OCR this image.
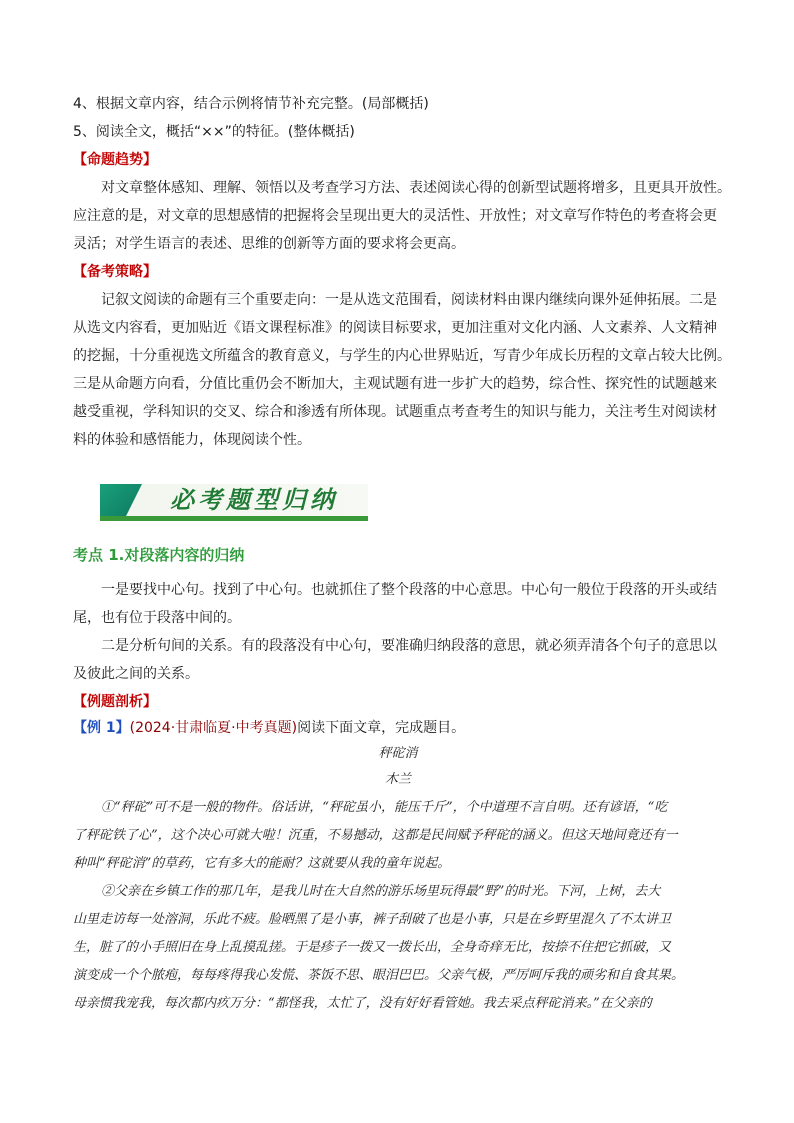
4、根据文章内容，结合示例将情节补充完整。(局部概括)
5、阅读全文，概括“××”的特征。(整体概括)
【命题趋势】
对文章整体感知、理解、领悟以及考查学习方法、表述阅读心得的创新型试题将增多，且更具开放性。
应注意的是，对文章的思想感情的把握将会呈现出更大的灵活性、开放性；对文章写作特色的考查将会更
灵活；对学生语言的表述、思维的创新等方面的要求将会更高。
【备考策略】
记叙文阅读的命题有三个重要走向：一是从选文范围看，阅读材料由课内继续向课外延伸拓展。二是
从选文内容看，更加贴近《语文课程标准》的阅读目标要求，更加注重对文化内涵、人文素养、人文精神
的挖掘，十分重视选文所蕴含的教育意义，与学生的内心世界贴近，写青少年成长历程的文章占较大比例。
三是从命题方向看，分值比重仍会不断加大，主观试题有进一步扩大的趋势，综合性、探究性的试题越来
越受重视，学科知识的交叉、综合和渗透有所体现。试题重点考查考生的知识与能力，关注考生对阅读材
料的体验和感悟能力，体现阅读个性。
必考题型归纳
考点 1.对段落内容的归纳
一是要找中心句。找到了中心句。也就抓住了整个段落的中心意思。中心句一般位于段落的开头或结
尾，也有位于段落中间的。
二是分析句间的关系。有的段落没有中心句，要准确归纳段落的意思，就必须弄清各个句子的意思以
及彼此之间的关系。
【例题剖析】
【例 1】(2024·甘肃临夏·中考真题)阅读下面文章，完成题目。
秤砣消
木兰
①“秤砣”可不是一般的物件。俗话讲，“秤砣虽小，能压千斤”，个中道理不言自明。还有谚语，“吃
了秤砣铁了心”，这个决心可就大啦！沉重，不易撼动，这都是民间赋予秤砣的涵义。但这天地间竟还有一
种叫“秤砣消”的草药，它有多大的能耐？这就要从我的童年说起。
②父亲在乡镇工作的那几年，是我儿时在大自然的游乐场里玩得最“野”的时光。下河，上树，去大
山里走访每一处溶洞，乐此不疲。脸晒黑了是小事，裤子刮破了也是小事，只是在乡野里混久了不太讲卫
生，脏了的小手照旧在身上乱摸乱搓。于是疹子一拨又一拨长出，全身奇痒无比，按捺不住把它抓破，又
演变成一个个脓疱，每每疼得我心发慌、茶饭不思、眼泪巴巴。父亲气极，严厉呵斥我的顽劣和自食其果。
母亲惯我宠我，每次都内疚万分：“都怪我，太忙了，没有好好看管她。我去采点秤砣消来。”在父亲的
